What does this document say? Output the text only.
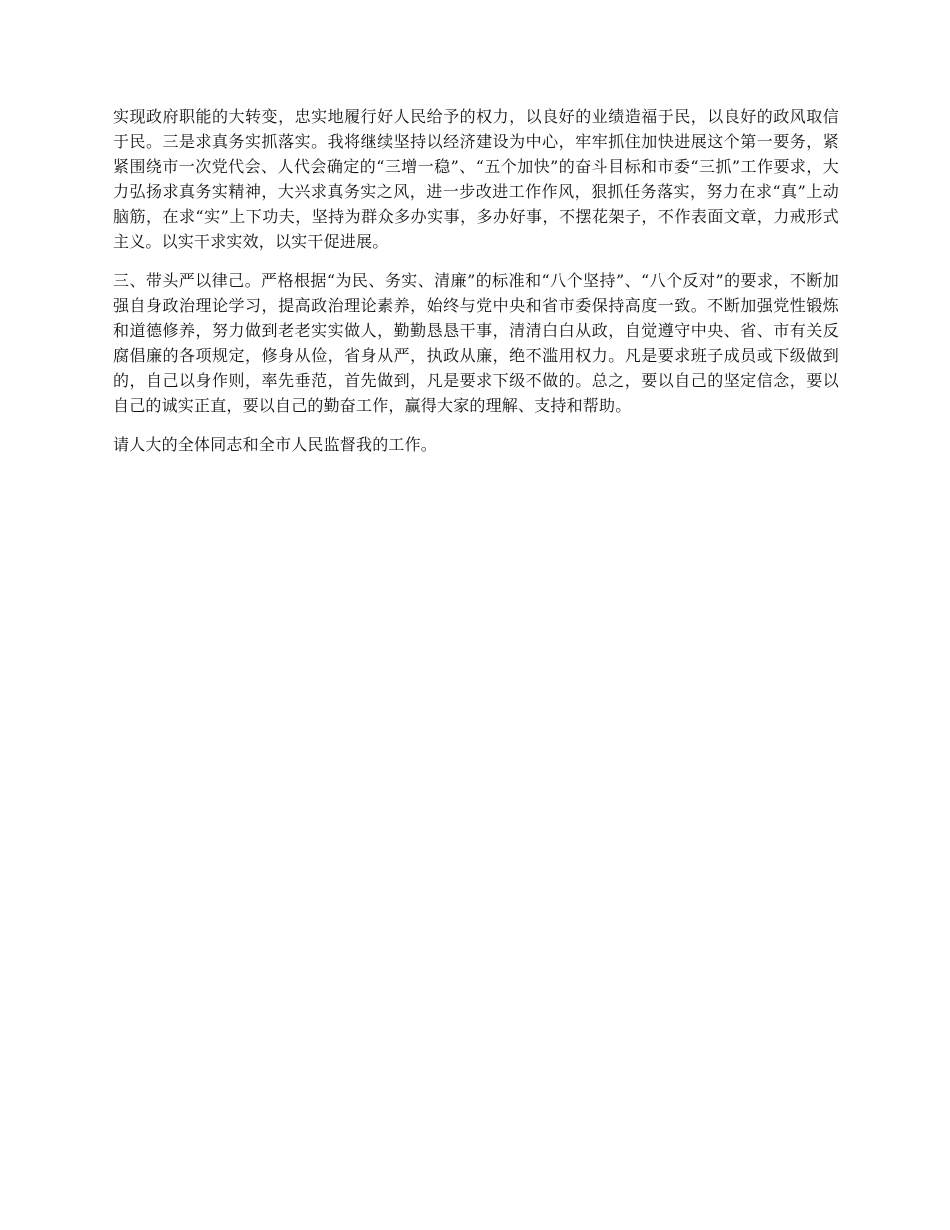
实现政府职能的大转变，忠实地履行好人民给予的权力，以良好的业绩造福于民，以良好的政风取信于民。三是求真务实抓落实。我将继续坚持以经济建设为中心，牢牢抓住加快进展这个第一要务，紧紧围绕市一次党代会、人代会确定的“三增一稳”、“五个加快”的奋斗目标和市委“三抓”工作要求，大力弘扬求真务实精神，大兴求真务实之风，进一步改进工作作风，狠抓任务落实，努力在求“真”上动脑筋，在求“实”上下功夫，坚持为群众多办实事，多办好事，不摆花架子，不作表面文章，力戒形式主义。以实干求实效，以实干促进展。

三、带头严以律己。严格根据“为民、务实、清廉”的标准和“八个坚持”、“八个反对”的要求，不断加强自身政治理论学习，提高政治理论素养，始终与党中央和省市委保持高度一致。不断加强党性锻炼和道德修养，努力做到老老实实做人，勤勤恳恳干事，清清白白从政，自觉遵守中央、省、市有关反腐倡廉的各项规定，修身从俭，省身从严，执政从廉，绝不滥用权力。凡是要求班子成员或下级做到的，自己以身作则，率先垂范，首先做到，凡是要求下级不做的。总之，要以自己的坚定信念，要以自己的诚实正直，要以自己的勤奋工作，赢得大家的理解、支持和帮助。

请人大的全体同志和全市人民监督我的工作。
